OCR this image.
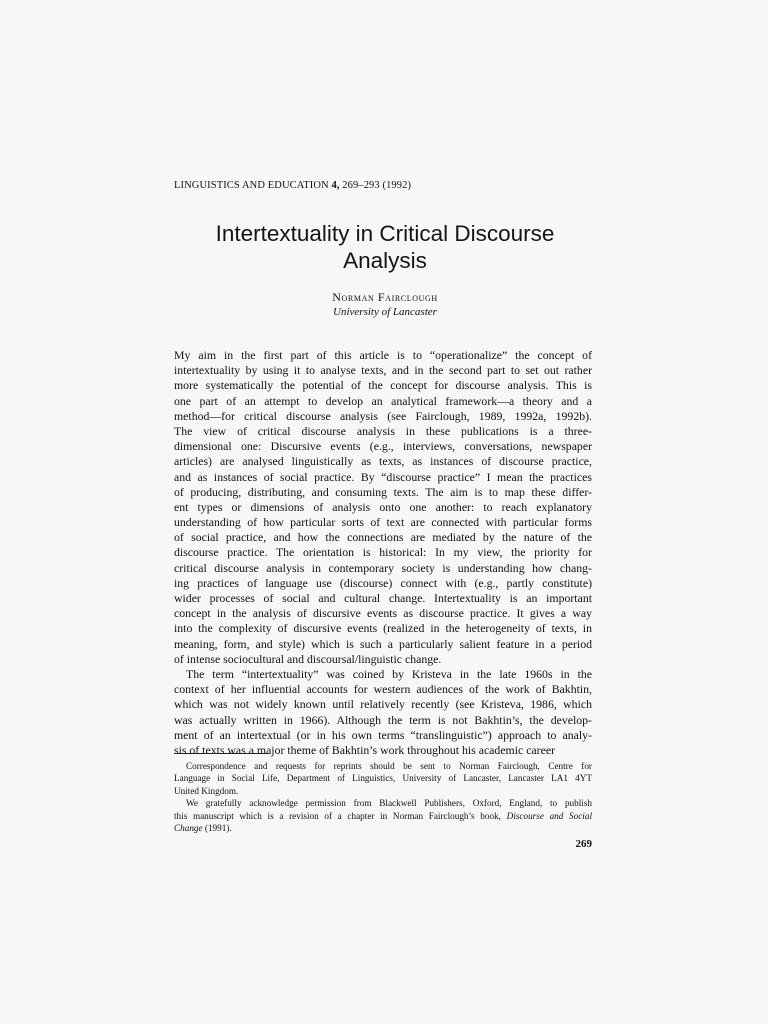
LINGUISTICS AND EDUCATION 4, 269–293 (1992)
Intertextuality in Critical Discourse
Analysis
Norman Fairclough
University of Lancaster
My aim in the first part of this article is to “operationalize” the concept of
intertextuality by using it to analyse texts, and in the second part to set out rather
more systematically the potential of the concept for discourse analysis. This is
one part of an attempt to develop an analytical framework—a theory and a
method—for critical discourse analysis (see Fairclough, 1989, 1992a, 1992b).
The view of critical discourse analysis in these publications is a three-
dimensional one: Discursive events (e.g., interviews, conversations, newspaper
articles) are analysed linguistically as texts, as instances of discourse practice,
and as instances of social practice. By “discourse practice” I mean the practices
of producing, distributing, and consuming texts. The aim is to map these differ-
ent types or dimensions of analysis onto one another: to reach explanatory
understanding of how particular sorts of text are connected with particular forms
of social practice, and how the connections are mediated by the nature of the
discourse practice. The orientation is historical: In my view, the priority for
critical discourse analysis in contemporary society is understanding how chang-
ing practices of language use (discourse) connect with (e.g., partly constitute)
wider processes of social and cultural change. Intertextuality is an important
concept in the analysis of discursive events as discourse practice. It gives a way
into the complexity of discursive events (realized in the heterogeneity of texts, in
meaning, form, and style) which is such a particularly salient feature in a period
of intense sociocultural and discoursal/linguistic change.
The term “intertextuality” was coined by Kristeva in the late 1960s in the
context of her influential accounts for western audiences of the work of Bakhtin,
which was not widely known until relatively recently (see Kristeva, 1986, which
was actually written in 1966). Although the term is not Bakhtin’s, the develop-
ment of an intertextual (or in his own terms “translinguistic”) approach to analy-
sis of texts was a major theme of Bakhtin’s work throughout his academic career
Correspondence and requests for reprints should be sent to Norman Fairclough, Centre for
Language in Social Life, Department of Linguistics, University of Lancaster, Lancaster LA1 4YT
United Kingdom.
We gratefully acknowledge permission from Blackwell Publishers, Oxford, England, to publish
this manuscript which is a revision of a chapter in Norman Fairclough’s book, Discourse and Social
Change (1991).
269
